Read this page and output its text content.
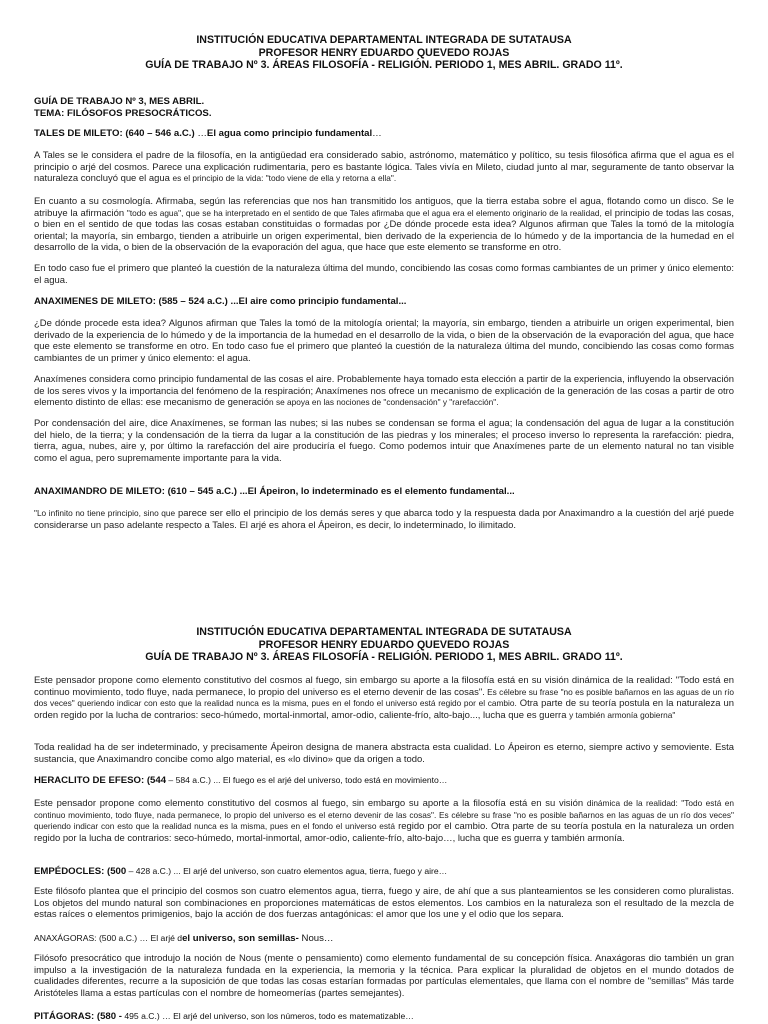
INSTITUCIÓN EDUCATIVA DEPARTAMENTAL INTEGRADA DE SUTATAUSA
PROFESOR HENRY EDUARDO QUEVEDO ROJAS
GUÍA DE TRABAJO Nº 3. ÁREAS FILOSOFÍA - RELIGIÓN. PERIODO 1, MES ABRIL. GRADO 11º.
GUÍA DE TRABAJO Nº 3, MES ABRIL.
TEMA: FILÓSOFOS PRESOCRÁTICOS.

TALES DE MILETO: (640 – 546 a.C.) …El agua como principio fundamental…

A Tales se le considera el padre de la filosofía, en la antigüedad era considerado sabio, astrónomo, matemático y político, su tesis filosófica afirma que el agua es el principio o arjé del cosmos. Parece una explicación rudimentaria, pero es bastante lógica. Tales vivía en Mileto, ciudad junto al mar, seguramente de tanto observar la naturaleza concluyó que el agua es el principio de la vida: "todo viene de ella y retorna a ella".

En cuanto a su cosmología. Afirmaba, según las referencias que nos han transmitido los antiguos, que la tierra estaba sobre el agua, flotando como un disco. Se le atribuye la afirmación "todo es agua", que se ha interpretado en el sentido de que Tales afirmaba que el agua era el elemento originario de la realidad, el principio de todas las cosas, o bien en el sentido de que todas las cosas estaban constituidas o formadas por ¿De dónde procede esta idea? Algunos afirman que Tales la tomó de la mitología oriental; la mayoría, sin embargo, tienden a atribuirle un origen experimental, bien derivado de la experiencia de lo húmedo y de la importancia de la humedad en el desarrollo de la vida, o bien de la observación de la evaporación del agua, que hace que este elemento se transforme en otro.

En todo caso fue el primero que planteó la cuestión de la naturaleza última del mundo, concibiendo las cosas como formas cambiantes de un primer y único elemento: el agua.

ANAXIMENES DE MILETO: (585 – 524 a.C.) ...El aire como principio fundamental...

¿De dónde procede esta idea? Algunos afirman que Tales la tomó de la mitología oriental; la mayoría, sin embargo, tienden a atribuirle un origen experimental, bien derivado de la experiencia de lo húmedo y de la importancia de la humedad en el desarrollo de la vida, o bien de la observación de la evaporación del agua, que hace que este elemento se transforme en otro. En todo caso fue el primero que planteó la cuestión de la naturaleza última del mundo, concibiendo las cosas como formas cambiantes de un primer y único elemento: el agua.

Anaxímenes considera como principio fundamental de las cosas el aire. Probablemente haya tomado esta elección a partir de la experiencia, influyendo la observación de los seres vivos y la importancia del fenómeno de la respiración; Anaxímenes nos ofrece un mecanismo de explicación de la generación de las cosas a partir de otro elemento distinto de ellas: ese mecanismo de generación se apoya en las nociones de "condensación" y "rarefacción".

Por condensación del aire, dice Anaxímenes, se forman las nubes; si las nubes se condensan se forma el agua; la condensación del agua de lugar a la constitución del hielo, de la tierra; y la condensación de la tierra da lugar a la constitución de las piedras y los minerales; el proceso inverso lo representa la rarefacción: piedra, tierra, agua, nubes, aire y, por último la rarefacción del aire produciría el fuego. Como podemos intuir que Anaxímenes parte de un elemento natural no tan visible como el agua, pero supremamente importante para la vida.

ANAXIMANDRO DE MILETO: (610 – 545 a.C.) ...El Ápeiron, lo indeterminado es el elemento fundamental...

"Lo infinito no tiene principio, sino que parece ser ello el principio de los demás seres y que abarca todo y la respuesta dada por Anaximandro a la cuestión del arjé puede considerarse un paso adelante respecto a Tales. El arjé es ahora el Ápeiron, es decir, lo indeterminado, lo ilimitado.

INSTITUCIÓN EDUCATIVA DEPARTAMENTAL INTEGRADA DE SUTATAUSA
PROFESOR HENRY EDUARDO QUEVEDO ROJAS
GUÍA DE TRABAJO Nº 3. ÁREAS FILOSOFÍA - RELIGIÓN. PERIODO 1, MES ABRIL. GRADO 11º.

Este pensador propone como elemento constitutivo del cosmos al fuego, sin embargo su aporte a la filosofía está en su visión dinámica de la realidad: "Todo está en continuo movimiento, todo fluye, nada permanece, lo propio del universo es el eterno devenir de las cosas". Es célebre su frase "no es posible bañarnos en las aguas de un río dos veces" queriendo indicar con esto que la realidad nunca es la misma, pues en el fondo el universo está regido por el cambio. Otra parte de su teoría postula en la naturaleza un orden regido por la lucha de contrarios: seco-húmedo, mortal-inmortal, amor-odio, caliente-frío, alto-bajo..., lucha que es guerra y también armonía gobierna"

Toda realidad ha de ser indeterminado, y precisamente Ápeiron designa de manera abstracta esta cualidad. Lo Ápeiron es eterno, siempre activo y semoviente. Esta sustancia, que Anaximandro concibe como algo material, es «lo divino» que da origen a todo.

HERACLITO DE EFESO: (544 – 584 a.C.) ... El fuego es el arjé del universo, todo está en movimiento…

Este pensador propone como elemento constitutivo del cosmos al fuego, sin embargo su aporte a la filosofía está en su visión dinámica de la realidad: "Todo está en continuo movimiento, todo fluye, nada permanece, lo propio del universo es el eterno devenir de las cosas". Es célebre su frase "no es posible bañarnos en las aguas de un río dos veces" queriendo indicar con esto que la realidad nunca es la misma, pues en el fondo el universo está regido por el cambio. Otra parte de su teoría postula en la naturaleza un orden regido por la lucha de contrarios: seco-húmedo, mortal-inmortal, amor-odio, caliente-frío, alto-bajo…, lucha que es guerra y también armonía.

EMPÉDOCLES: (500 – 428 a.C.) ... El arjé del universo, son cuatro elementos agua, tierra, fuego y aire…

Este filósofo plantea que el principio del cosmos son cuatro elementos agua, tierra, fuego y aire, de ahí que a sus planteamientos se les consideren como pluralistas. Los objetos del mundo natural son combinaciones en proporciones matemáticas de estos elementos. Los cambios en la naturaleza son el resultado de la mezcla de estas raíces o elementos primigenios, bajo la acción de dos fuerzas antagónicas: el amor que los une y el odio que los separa.

ANAXÁGORAS: (500 a.C.) … El arjé del universo, son semillas- Nous…

Filósofo presocrático que introdujo la noción de Nous (mente o pensamiento) como elemento fundamental de su concepción física. Anaxágoras dio también un gran impulso a la investigación de la naturaleza fundada en la experiencia, la memoria y la técnica. Para explicar la pluralidad de objetos en el mundo dotados de cualidades diferentes, recurre a la suposición de que todas las cosas estarían formadas por partículas elementales, que llama con el nombre de "semillas" Más tarde Aristóteles llama a estas partículas con el nombre de homeomerías (partes semejantes).

PITÁGORAS: (580 - 495 a.C.) … El arjé del universo, son los números, todo es matematizable…
